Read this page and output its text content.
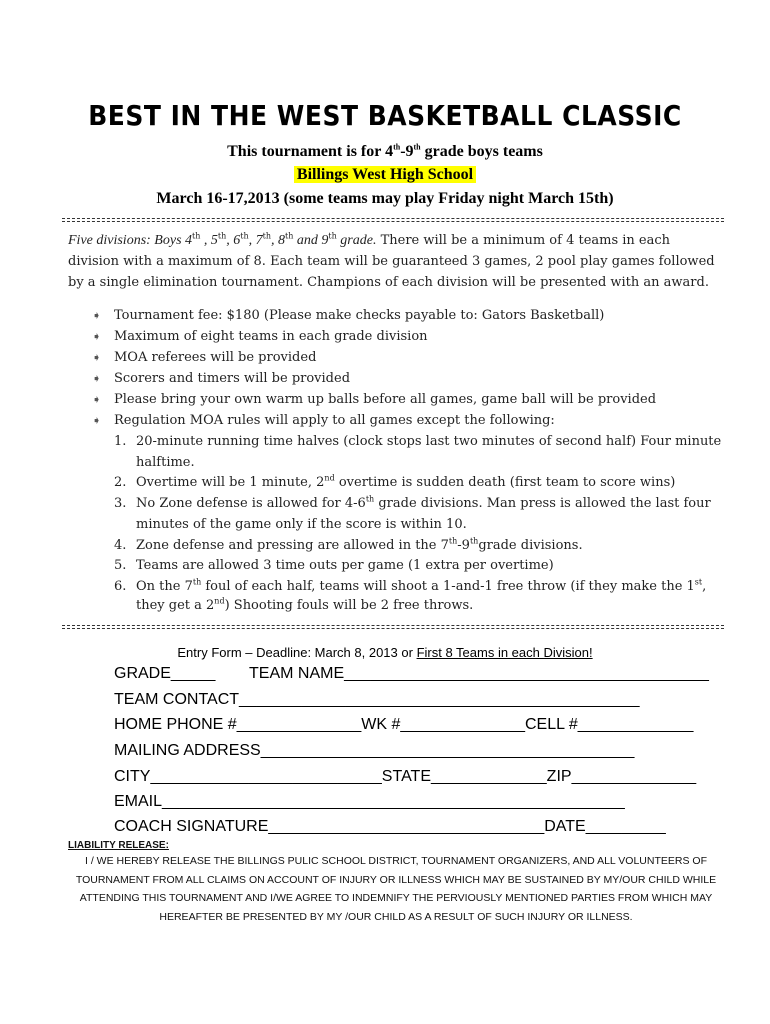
BEST IN THE WEST BASKETBALL CLASSIC
This tournament is for 4th-9th grade boys teams
Billings West High School
March 16-17,2013 (some teams may play Friday night March 15th)
Five divisions: Boys 4th , 5th, 6th, 7th, 8th and 9th grade. There will be a minimum of 4 teams in each
division with a maximum of 8. Each team will be guaranteed 3 games, 2 pool play games followed
by a single elimination tournament. Champions of each division will be presented with an award.
➧ Tournament fee: $180 (Please make checks payable to: Gators Basketball)
➧ Maximum of eight teams in each grade division
➧ MOA referees will be provided
➧ Scorers and timers will be provided
➧ Please bring your own warm up balls before all games, game ball will be provided
➧ Regulation MOA rules will apply to all games except the following:
1. 20-minute running time halves (clock stops last two minutes of second half) Four minute
halftime.
2. Overtime will be 1 minute, 2nd overtime is sudden death (first team to score wins)
3. No Zone defense is allowed for 4-6th grade divisions. Man press is allowed the last four
minutes of the game only if the score is within 10.
4. Zone defense and pressing are allowed in the 7th-9thgrade divisions.
5. Teams are allowed 3 time outs per game (1 extra per overtime)
6. On the 7th foul of each half, teams will shoot a 1-and-1 free throw (if they make the 1st,
they get a 2nd) Shooting fouls will be 2 free throws.
Entry Form – Deadline: March 8, 2013 or First 8 Teams in each Division!
GRADE_____ TEAM NAME_________________________________________
TEAM CONTACT_____________________________________________
HOME PHONE #______________WK #______________CELL #_____________
MAILING ADDRESS__________________________________________
CITY__________________________STATE_____________ZIP______________
EMAIL____________________________________________________
COACH SIGNATURE_______________________________DATE_________
LIABILITY RELEASE:
I / WE HEREBY RELEASE THE BILLINGS PULIC SCHOOL DISTRICT, TOURNAMENT ORGANIZERS, AND ALL VOLUNTEERS OF
TOURNAMENT FROM ALL CLAIMS ON ACCOUNT OF INJURY OR ILLNESS WHICH MAY BE SUSTAINED BY MY/OUR CHILD WHILE
ATTENDING THIS TOURNAMENT AND I/WE AGREE TO INDEMNIFY THE PERVIOUSLY MENTIONED PARTIES FROM WHICH MAY
HEREAFTER BE PRESENTED BY MY /OUR CHILD AS A RESULT OF SUCH INJURY OR ILLNESS.
